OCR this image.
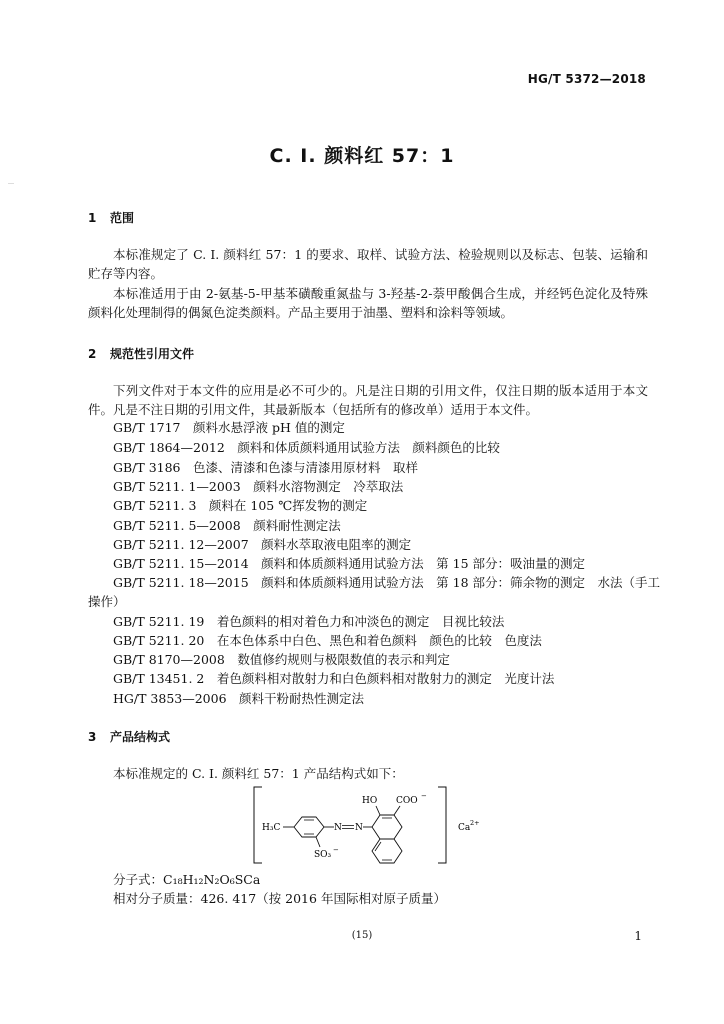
HG/T 5372—2018
C. I. 颜料红 57：1
1 范围

本标准规定了 C. I. 颜料红 57：1 的要求、取样、试验方法、检验规则以及标志、包装、运输和贮存等内容。

本标准适用于由 2-氨基-5-甲基苯磺酸重氮盐与 3-羟基-2-萘甲酸偶合生成，并经钙色淀化及特殊颜料化处理制得的偶氮色淀类颜料。产品主要用于油墨、塑料和涂料等领域。

2 规范性引用文件

下列文件对于本文件的应用是必不可少的。凡是注日期的引用文件，仅注日期的版本适用于本文件。凡是不注日期的引用文件，其最新版本（包括所有的修改单）适用于本文件。

GB/T 1717　颜料水悬浮液 pH 值的测定
GB/T 1864—2012　颜料和体质颜料通用试验方法　颜料颜色的比较
GB/T 3186　色漆、清漆和色漆与清漆用原材料　取样
GB/T 5211. 1—2003　颜料水溶物测定　冷萃取法
GB/T 5211. 3　颜料在 105 ℃挥发物的测定
GB/T 5211. 5—2008　颜料耐性测定法
GB/T 5211. 12—2007　颜料水萃取液电阻率的测定
GB/T 5211. 15—2014　颜料和体质颜料通用试验方法　第 15 部分：吸油量的测定
GB/T 5211. 18—2015　颜料和体质颜料通用试验方法　第 18 部分：筛余物的测定　水法（手工
操作）
GB/T 5211. 19　着色颜料的相对着色力和冲淡色的测定　目视比较法
GB/T 5211. 20　在本色体系中白色、黑色和着色颜料　颜色的比较　色度法
GB/T 8170—2008　数值修约规则与极限数值的表示和判定
GB/T 13451. 2　着色颜料相对散射力和白色颜料相对散射力的测定　光度计法
HG/T 3853—2006　颜料干粉耐热性测定法
3 产品结构式
本标准规定的 C. I. 颜料红 57：1 产品结构式如下：
H₃C
SO₃ −
N N
HO COO −
Ca 2+
分子式：C₁₈H₁₂N₂O₆SCa
相对分子质量：426. 417（按 2016 年国际相对原子质量）
(15)	1
